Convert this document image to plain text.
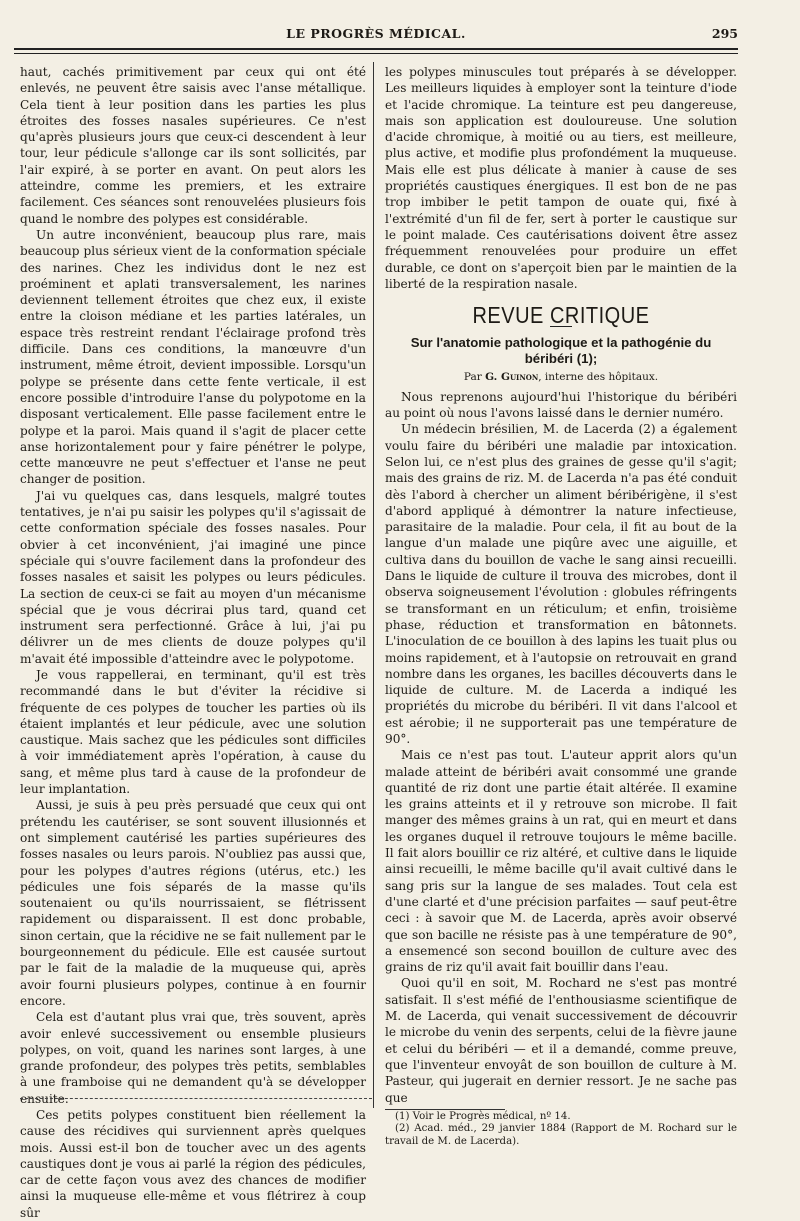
LE PROGRÈS MÉDICAL.	295

haut, cachés primitivement par ceux qui ont été enlevés, ne peuvent être saisis avec l'anse métallique. Cela tient à leur position dans les parties les plus étroites des fosses nasales supérieures. Ce n'est qu'après plusieurs jours que ceux-ci descendent à leur tour, leur pédicule s'allonge car ils sont sollicités, par l'air expiré, à se porter en avant. On peut alors les atteindre, comme les premiers, et les extraire facilement. Ces séances sont renouvelées plusieurs fois quand le nombre des polypes est considérable.

Un autre inconvénient, beaucoup plus rare, mais beaucoup plus sérieux vient de la conformation spéciale des narines. Chez les individus dont le nez est proéminent et aplati transversalement, les narines deviennent tellement étroites que chez eux, il existe entre la cloison médiane et les parties latérales, un espace très restreint rendant l'éclairage profond très difficile. Dans ces conditions, la manœuvre d'un instrument, même étroit, devient impossible. Lorsqu'un polype se présente dans cette fente verticale, il est encore possible d'introduire l'anse du polypotome en la disposant verticalement. Elle passe facilement entre le polype et la paroi. Mais quand il s'agit de placer cette anse horizontalement pour y faire pénétrer le polype, cette manœuvre ne peut s'effectuer et l'anse ne peut changer de position.

J'ai vu quelques cas, dans lesquels, malgré toutes tentatives, je n'ai pu saisir les polypes qu'il s'agissait de cette conformation spéciale des fosses nasales. Pour obvier à cet inconvénient, j'ai imaginé une pince spéciale qui s'ouvre facilement dans la profondeur des fosses nasales et saisit les polypes ou leurs pédicules. La section de ceux-ci se fait au moyen d'un mécanisme spécial que je vous décrirai plus tard, quand cet instrument sera perfectionné. Grâce à lui, j'ai pu délivrer un de mes clients de douze polypes qu'il m'avait été impossible d'atteindre avec le polypotome.

Je vous rappellerai, en terminant, qu'il est très recommandé dans le but d'éviter la récidive si fréquente de ces polypes de toucher les parties où ils étaient implantés et leur pédicule, avec une solution caustique. Mais sachez que les pédicules sont difficiles à voir immédiatement après l'opération, à cause du sang, et même plus tard à cause de la profondeur de leur implantation.

Aussi, je suis à peu près persuadé que ceux qui ont prétendu les cautériser, se sont souvent illusionnés et ont simplement cautérisé les parties supérieures des fosses nasales ou leurs parois. N'oubliez pas aussi que, pour les polypes d'autres régions (utérus, etc.) les pédicules une fois séparés de la masse qu'ils soutenaient ou qu'ils nourrissaient, se flétrissent rapidement ou disparaissent. Il est donc probable, sinon certain, que la récidive ne se fait nullement par le bourgeonnement du pédicule. Elle est causée surtout par le fait de la maladie de la muqueuse qui, après avoir fourni plusieurs polypes, continue à en fournir encore.

Cela est d'autant plus vrai que, très souvent, après avoir enlevé successivement ou ensemble plusieurs polypes, on voit, quand les narines sont larges, à une grande profondeur, des polypes très petits, semblables à une framboise qui ne demandent qu'à se développer ensuite.

Ces petits polypes constituent bien réellement la cause des récidives qui surviennent après quelques mois. Aussi est-il bon de toucher avec un des agents caustiques dont je vous ai parlé la région des pédicules, car de cette façon vous avez des chances de modifier ainsi la muqueuse elle-même et vous flétrirez à coup sûr

les polypes minuscules tout préparés à se développer. Les meilleurs liquides à employer sont la teinture d'iode et l'acide chromique. La teinture est peu dangereuse, mais son application est douloureuse. Une solution d'acide chromique, à moitié ou au tiers, est meilleure, plus active, et modifie plus profondément la muqueuse. Mais elle est plus délicate à manier à cause de ses propriétés caustiques énergiques. Il est bon de ne pas trop imbiber le petit tampon de ouate qui, fixé à l'extrémité d'un fil de fer, sert à porter le caustique sur le point malade. Ces cautérisations doivent être assez fréquemment renouvelées pour produire un effet durable, ce dont on s'aperçoit bien par le maintien de la liberté de la respiration nasale.

REVUE CRITIQUE
Sur l'anatomie pathologique et la pathogénie du béribéri (1);
Par G. Guinon, interne des hôpitaux.

Nous reprenons aujourd'hui l'historique du béribéri au point où nous l'avons laissé dans le dernier numéro.

Un médecin brésilien, M. de Lacerda (2) a également voulu faire du béribéri une maladie par intoxication. Selon lui, ce n'est plus des graines de gesse qu'il s'agit; mais des grains de riz. M. de Lacerda n'a pas été conduit dès l'abord à chercher un aliment béribérigène, il s'est d'abord appliqué à démontrer la nature infectieuse, parasitaire de la maladie. Pour cela, il fit au bout de la langue d'un malade une piqûre avec une aiguille, et cultiva dans du bouillon de vache le sang ainsi recueilli. Dans le liquide de culture il trouva des microbes, dont il observa soigneusement l'évolution : globules réfringents se transformant en un réticulum; et enfin, troisième phase, réduction et transformation en bâtonnets. L'inoculation de ce bouillon à des lapins les tuait plus ou moins rapidement, et à l'autopsie on retrouvait en grand nombre dans les organes, les bacilles découverts dans le liquide de culture. M. de Lacerda a indiqué les propriétés du microbe du béribéri. Il vit dans l'alcool et est aérobie; il ne supporterait pas une température de 90°.

Mais ce n'est pas tout. L'auteur apprit alors qu'un malade atteint de béribéri avait consommé une grande quantité de riz dont une partie était altérée. Il examine les grains atteints et il y retrouve son microbe. Il fait manger des mêmes grains à un rat, qui en meurt et dans les organes duquel il retrouve toujours le même bacille. Il fait alors bouillir ce riz altéré, et cultive dans le liquide ainsi recueilli, le même bacille qu'il avait cultivé dans le sang pris sur la langue de ses malades. Tout cela est d'une clarté et d'une précision parfaites — sauf peut-être ceci : à savoir que M. de Lacerda, après avoir observé que son bacille ne résiste pas à une température de 90°, a ensemencé son second bouillon de culture avec des grains de riz qu'il avait fait bouillir dans l'eau.

Quoi qu'il en soit, M. Rochard ne s'est pas montré satisfait. Il s'est méfié de l'enthousiasme scientifique de M. de Lacerda, qui venait successivement de découvrir le microbe du venin des serpents, celui de la fièvre jaune et celui du béribéri — et il a demandé, comme preuve, que l'inventeur envoyât de son bouillon de culture à M. Pasteur, qui jugerait en dernier ressort. Je ne sache pas que

(1) Voir le Progrès médical, nº 14.

(2) Acad. méd., 29 janvier 1884 (Rapport de M. Rochard sur le travail de M. de Lacerda).
